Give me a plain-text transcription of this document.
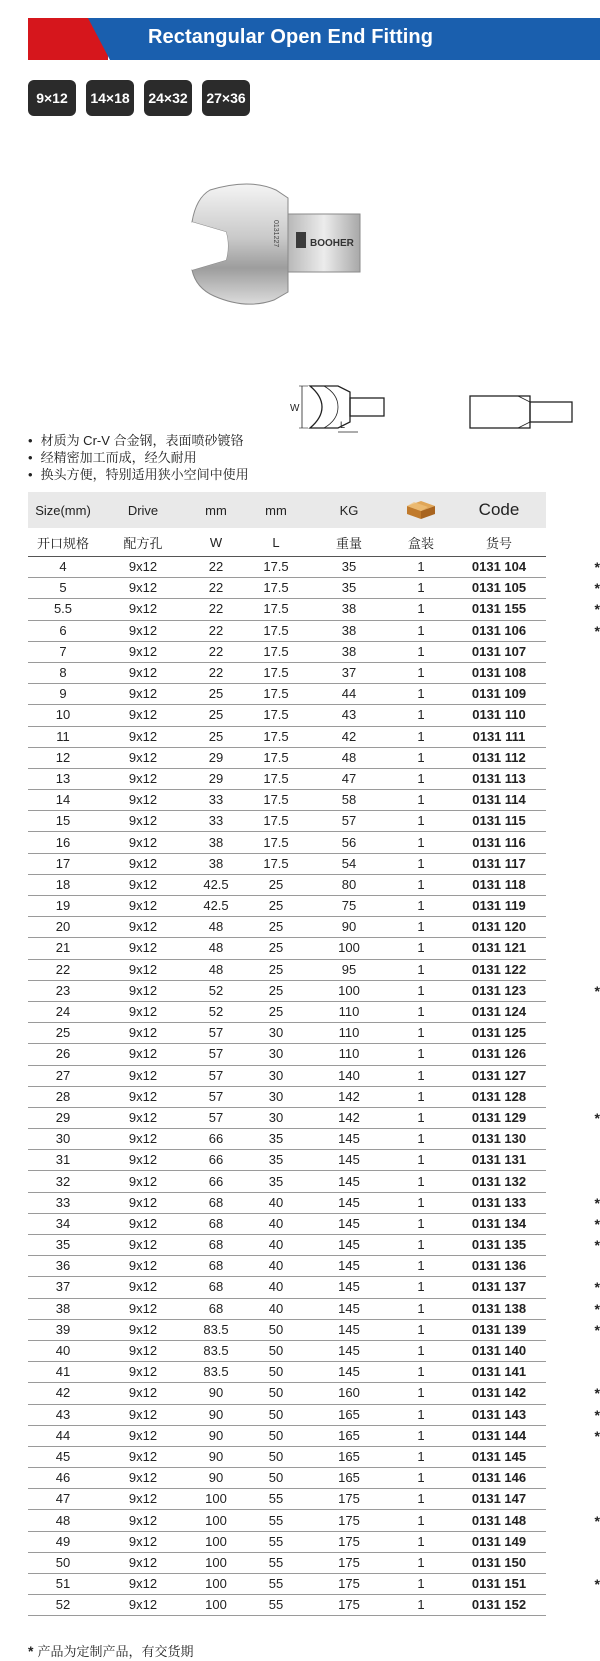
Rectangular Open End Fitting
9×12	14×18	24×32	27×36
BOOHER
0131227
W
L
• 材质为 Cr-V 合金钢，表面喷砂镀铬
• 经精密加工而成，经久耐用
• 换头方便，特别适用狭小空间中使用
Size(mm)	Drive	mm	mm	KG		Code	
开口规格	配方孔	W	L	重量	盒装	货号	
4	9x12	22	17.5	35	1	0131 104	*
5	9x12	22	17.5	35	1	0131 105	*
5.5	9x12	22	17.5	38	1	0131 155	*
6	9x12	22	17.5	38	1	0131 106	*
7	9x12	22	17.5	38	1	0131 107	
8	9x12	22	17.5	37	1	0131 108	
9	9x12	25	17.5	44	1	0131 109	
10	9x12	25	17.5	43	1	0131 110	
11	9x12	25	17.5	42	1	0131 111	
12	9x12	29	17.5	48	1	0131 112	
13	9x12	29	17.5	47	1	0131 113	
14	9x12	33	17.5	58	1	0131 114	
15	9x12	33	17.5	57	1	0131 115	
16	9x12	38	17.5	56	1	0131 116	
17	9x12	38	17.5	54	1	0131 117	
18	9x12	42.5	25	80	1	0131 118	
19	9x12	42.5	25	75	1	0131 119	
20	9x12	48	25	90	1	0131 120	
21	9x12	48	25	100	1	0131 121	
22	9x12	48	25	95	1	0131 122	
23	9x12	52	25	100	1	0131 123	*
24	9x12	52	25	110	1	0131 124	
25	9x12	57	30	110	1	0131 125	
26	9x12	57	30	110	1	0131 126	
27	9x12	57	30	140	1	0131 127	
28	9x12	57	30	142	1	0131 128	
29	9x12	57	30	142	1	0131 129	*
30	9x12	66	35	145	1	0131 130	
31	9x12	66	35	145	1	0131 131	
32	9x12	66	35	145	1	0131 132	
33	9x12	68	40	145	1	0131 133	*
34	9x12	68	40	145	1	0131 134	*
35	9x12	68	40	145	1	0131 135	*
36	9x12	68	40	145	1	0131 136	
37	9x12	68	40	145	1	0131 137	*
38	9x12	68	40	145	1	0131 138	*
39	9x12	83.5	50	145	1	0131 139	*
40	9x12	83.5	50	145	1	0131 140	
41	9x12	83.5	50	145	1	0131 141	
42	9x12	90	50	160	1	0131 142	*
43	9x12	90	50	165	1	0131 143	*
44	9x12	90	50	165	1	0131 144	*
45	9x12	90	50	165	1	0131 145	
46	9x12	90	50	165	1	0131 146	
47	9x12	100	55	175	1	0131 147	
48	9x12	100	55	175	1	0131 148	*
49	9x12	100	55	175	1	0131 149	
50	9x12	100	55	175	1	0131 150	
51	9x12	100	55	175	1	0131 151	*
52	9x12	100	55	175	1	0131 152	
* 产品为定制产品，有交货期
